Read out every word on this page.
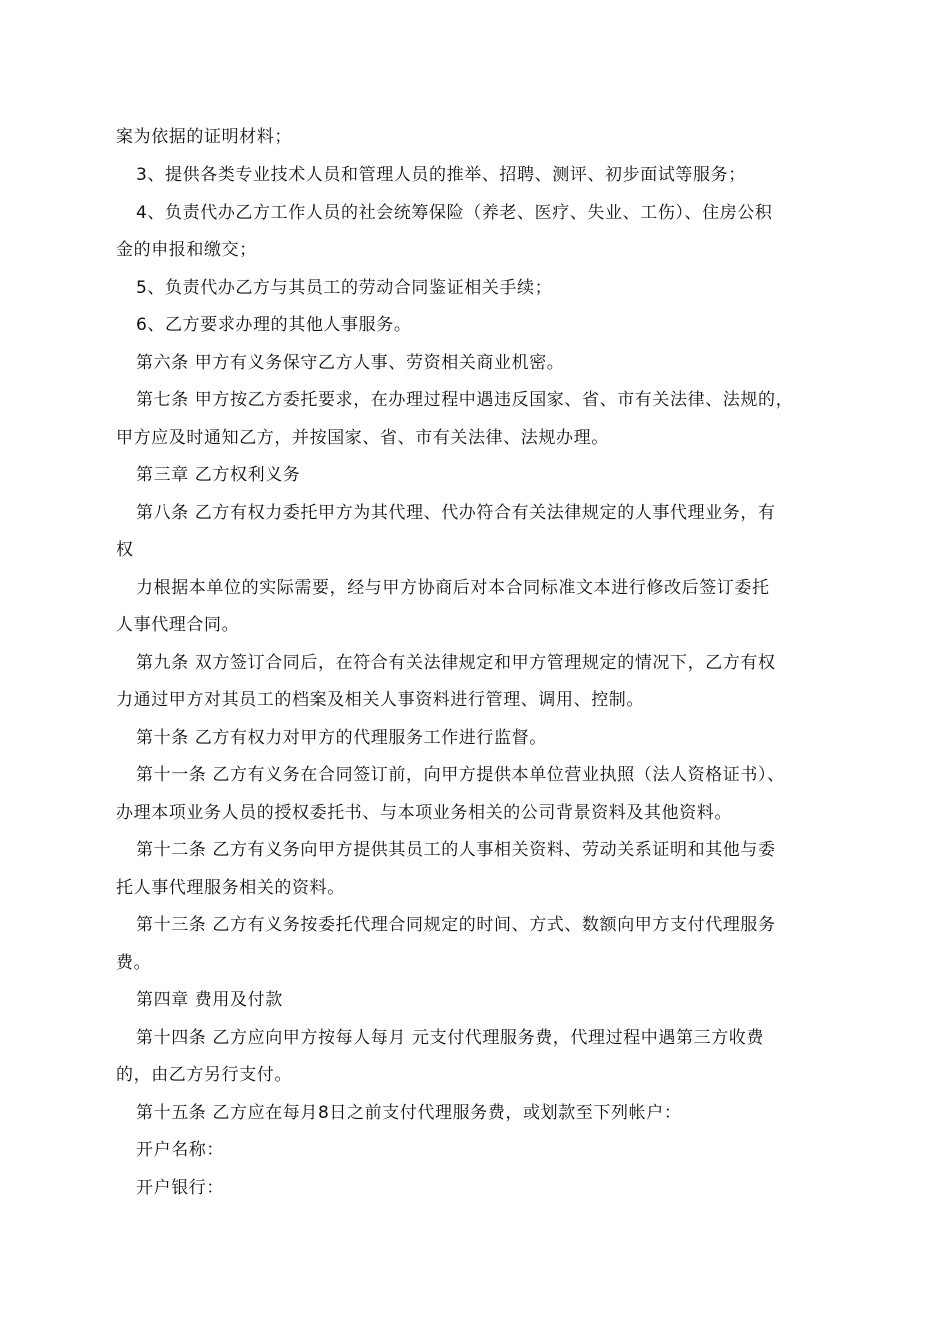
案为依据的证明材料；
3、提供各类专业技术人员和管理人员的推举、招聘、测评、初步面试等服务；
4、负责代办乙方工作人员的社会统筹保险（养老、医疗、失业、工伤）、住房公积
金的申报和缴交；
5、负责代办乙方与其员工的劳动合同鉴证相关手续；
6、乙方要求办理的其他人事服务。
第六条 甲方有义务保守乙方人事、劳资相关商业机密。
第七条 甲方按乙方委托要求，在办理过程中遇违反国家、省、市有关法律、法规的，
甲方应及时通知乙方，并按国家、省、市有关法律、法规办理。
第三章 乙方权利义务
第八条 乙方有权力委托甲方为其代理、代办符合有关法律规定的人事代理业务，有
权
力根据本单位的实际需要，经与甲方协商后对本合同标准文本进行修改后签订委托
人事代理合同。
第九条 双方签订合同后，在符合有关法律规定和甲方管理规定的情况下，乙方有权
力通过甲方对其员工的档案及相关人事资料进行管理、调用、控制。
第十条 乙方有权力对甲方的代理服务工作进行监督。
第十一条 乙方有义务在合同签订前，向甲方提供本单位营业执照（法人资格证书）、
办理本项业务人员的授权委托书、与本项业务相关的公司背景资料及其他资料。
第十二条 乙方有义务向甲方提供其员工的人事相关资料、劳动关系证明和其他与委
托人事代理服务相关的资料。
第十三条 乙方有义务按委托代理合同规定的时间、方式、数额向甲方支付代理服务
费。
第四章 费用及付款
第十四条 乙方应向甲方按每人每月 元支付代理服务费，代理过程中遇第三方收费
的，由乙方另行支付。
第十五条 乙方应在每月8日之前支付代理服务费，或划款至下列帐户：
开户名称：
开户银行：
